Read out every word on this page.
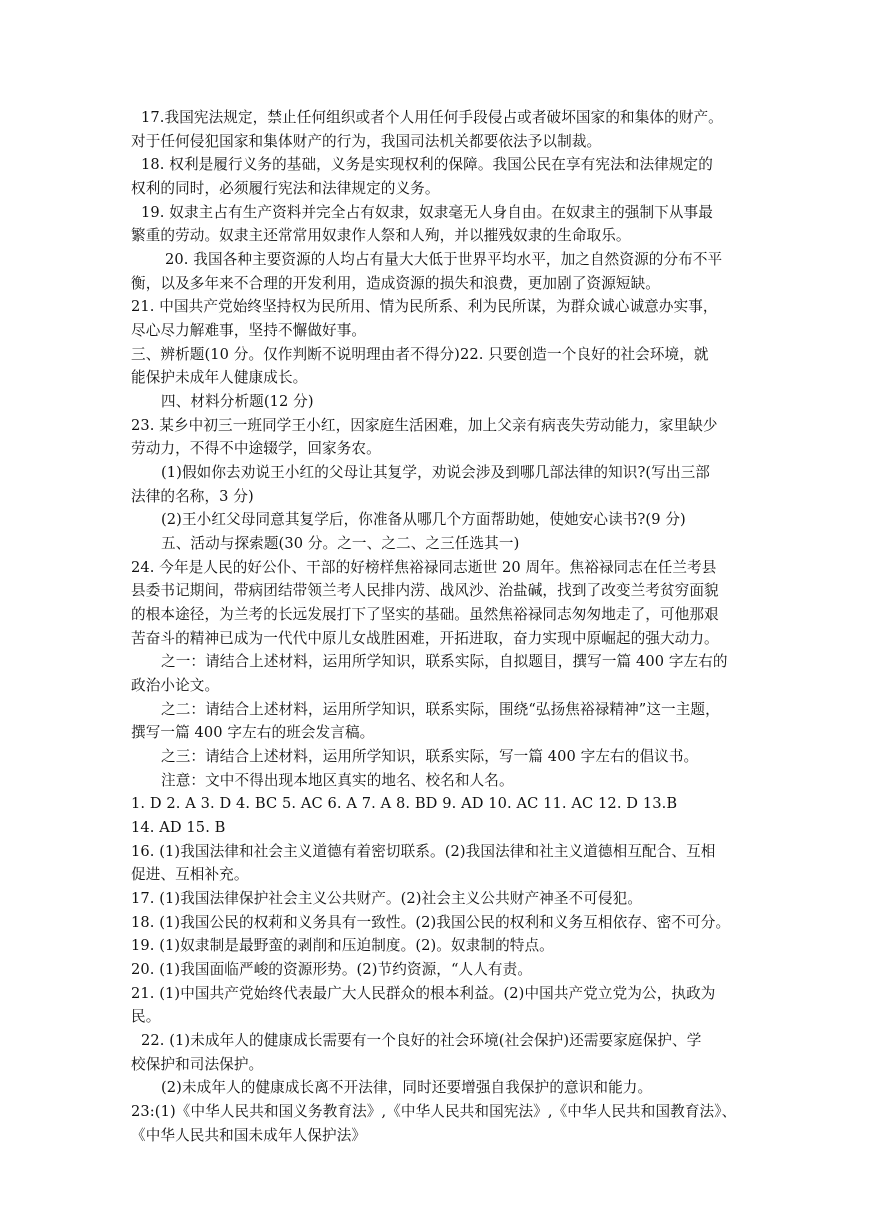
17.我国宪法规定，禁止任何组织或者个人用任何手段侵占或者破坏国家的和集体的财产。
对于任何侵犯国家和集体财产的行为，我国司法机关都要依法予以制裁。
18. 权利是履行义务的基础，义务是实现权利的保障。我国公民在享有宪法和法律规定的
权利的同时，必须履行宪法和法律规定的义务。
19. 奴隶主占有生产资料并完全占有奴隶，奴隶毫无人身自由。在奴隶主的强制下从事最
繁重的劳动。奴隶主还常常用奴隶作人祭和人殉，并以摧残奴隶的生命取乐。
20. 我国各种主要资源的人均占有量大大低于世界平均水平，加之自然资源的分布不平
衡，以及多年来不合理的开发利用，造成资源的损失和浪费，更加剧了资源短缺。
21. 中国共产党始终坚持权为民所用、情为民所系、利为民所谋，为群众诚心诚意办实事，
尽心尽力解难事，坚持不懈做好事。
三、辨析题(10 分。仅作判断不说明理由者不得分)22. 只要创造一个良好的社会环境，就
能保护未成年人健康成长。
四、材料分析题(12 分)
23. 某乡中初三一班同学王小红，因家庭生活困难，加上父亲有病丧失劳动能力，家里缺少
劳动力，不得不中途辍学，回家务农。
(1)假如你去劝说王小红的父母让其复学，劝说会涉及到哪几部法律的知识?(写出三部
法律的名称，3 分)
(2)王小红父母同意其复学后，你准备从哪几个方面帮助她，使她安心读书?(9 分)
五、活动与探索题(30 分。之一、之二、之三任选其一)
24. 今年是人民的好公仆、干部的好榜样焦裕禄同志逝世 20 周年。焦裕禄同志在任兰考县
县委书记期间，带病团结带领兰考人民排内涝、战风沙、治盐碱，找到了改变兰考贫穷面貌
的根本途径，为兰考的长远发展打下了坚实的基础。虽然焦裕禄同志匆匆地走了，可他那艰
苦奋斗的精神已成为一代代中原儿女战胜困难，开拓进取，奋力实现中原崛起的强大动力。
之一：请结合上述材料，运用所学知识，联系实际，自拟题目，撰写一篇 400 字左右的
政治小论文。
之二：请结合上述材料，运用所学知识，联系实际，围绕“弘扬焦裕禄精神”这一主题，
撰写一篇 400 字左右的班会发言稿。
之三：请结合上述材料，运用所学知识，联系实际，写一篇 400 字左右的倡议书。
注意：文中不得出现本地区真实的地名、校名和人名。
1. D 2. A 3. D 4. BC 5. AC 6. A 7. A 8. BD 9. AD 10. AC 11. AC 12. D 13.B
14. AD 15. B
16. (1)我国法律和社会主义道德有着密切联系。(2)我国法律和社主义道德相互配合、互相
促进、互相补充。
17. (1)我国法律保护社会主义公共财产。(2)社会主义公共财产神圣不可侵犯。
18. (1)我国公民的权莉和义务具有一致性。(2)我国公民的权利和义务互相依存、密不可分。
19. (1)奴隶制是最野蛮的剥削和压迫制度。(2)。奴隶制的特点。
20. (1)我国面临严峻的资源形势。(2)节约资源，“人人有责。
21. (1)中国共产党始终代表最广大人民群众的根本利益。(2)中国共产党立党为公，执政为
民。
22. (1)未成年人的健康成长需要有一个良好的社会环境(社会保护)还需要家庭保护、学
校保护和司法保护。
(2)未成年人的健康成长离不开法律，同时还要增强自我保护的意识和能力。
23:(1)《中华人民共和国义务教育法》,《中华人民共和国宪法》,《中华人民共和国教育法》、
《中华人民共和国未成年人保护法》
